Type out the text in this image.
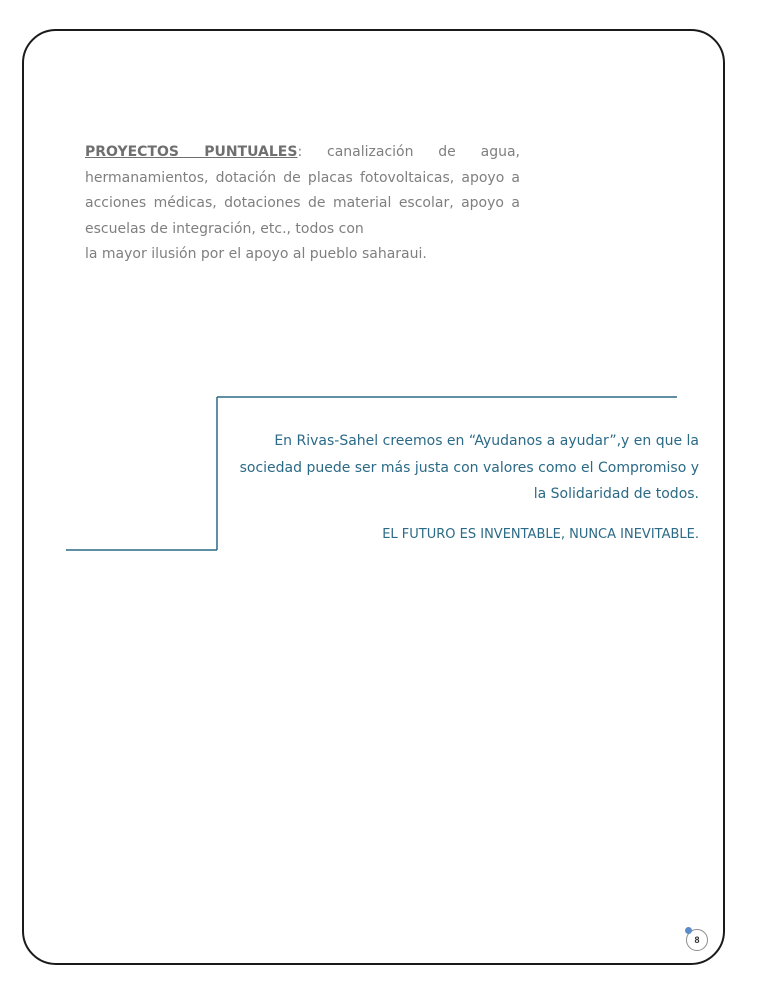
PROYECTOS PUNTUALES: canalización de agua, hermanamientos, dotación de placas fotovoltaicas, apoyo a acciones médicas, dotaciones de material escolar, apoyo a escuelas de integración, etc., todos con

la mayor ilusión por el apoyo al pueblo saharaui.

En Rivas-Sahel creemos en “Ayudanos a ayudar”,y en que la sociedad puede ser más justa con valores como el Compromiso y la Solidaridad de todos.

EL FUTURO ES INVENTABLE, NUNCA INEVITABLE.

8
